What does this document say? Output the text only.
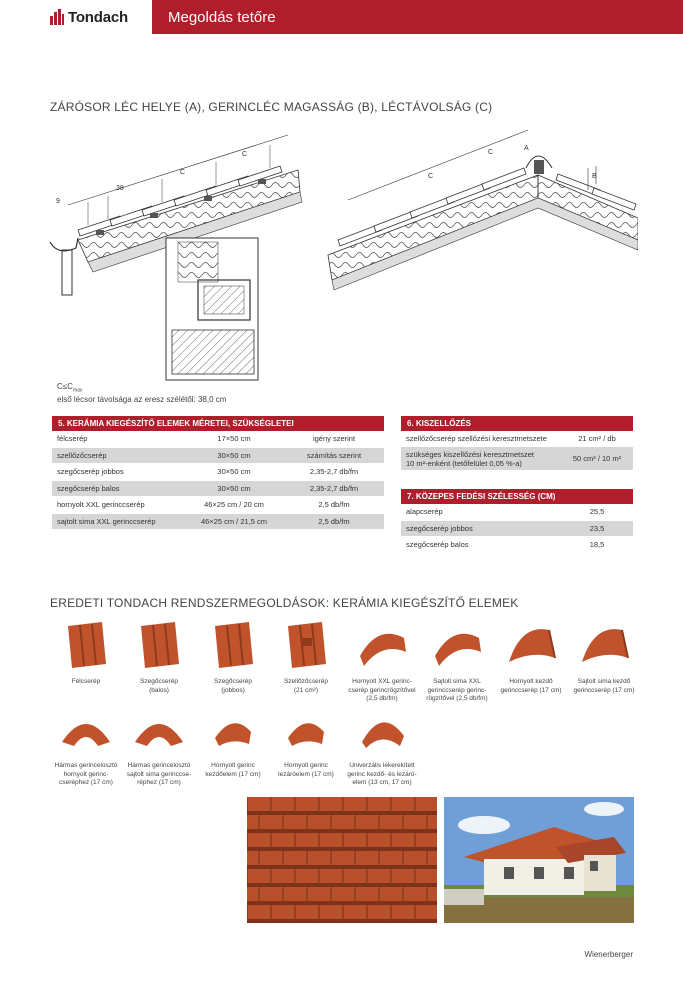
Tondach	Megoldás tetőre
ZÁRÓSOR LÉC HELYE (A), GERINCLÉC MAGASSÁG (B), LÉCTÁVOLSÁG (C)
9
38
C
C
C
C
A
B
$C\le C_{max}$
első lécsor távolsága az eresz szélétől: 38,0 cm
5. KERÁMIA KIEGÉSZÍTŐ ELEMEK MÉRETEI, SZÜKSÉGLETEI
félcserép	17×50 cm	igény szerint
szellőzőcserép	30×50 cm	számítás szerint
szegőcserép jobbos	30×50 cm	2,35-2,7 db/fm
szegőcserép balos	30×50 cm	2,35-2,7 db/fm
hornyolt XXL gerinccserép	46×25 cm / 20 cm	2,5 db/fm
sajtolt sima XXL gerinccserép	46×25 cm / 21,5 cm	2,5 db/fm
6. KISZELLŐZÉS
szellőzőcserép szellőzési keresztmetszete	21 cm² / db
szükséges kiszellőzési keresztmetszet
10 m²-enként (tetőfelület 0,05 %-a)	50 cm² / 10 m²
7. KÖZEPES FEDÉSI SZÉLESSÉG (CM)
alapcserép	25,5
szegőcserép jobbos	23,5
szegőcserép balos	18,5
EREDETI TONDACH RENDSZERMEGOLDÁSOK: KERÁMIA KIEGÉSZÍTŐ ELEMEK
Félcserép	Szegőcserép
(balos)
Szegőcserép
(jobbos)
Szellőzőcserép
(21 cm²)
Hornyolt XXL gerinc-
cserép gerincrögzítővel
(2,5 db/fm)
Sajtolt sima XXL
gerinccserép gerinc-
rögzítővel (2,5 db/fm)
Hornyolt kezdő
gerinccserép (17 cm)
Sajtolt sima kezdő
gerinccserép (17 cm)
Hármas gerincelosztó
hornyolt gerinc-
cseréphez (17 cm)
Hármas gerincelosztó
sajtolt sima gerinccse-
réphez (17 cm)
Hornyolt gerinc
kezdőelem (17 cm)
Hornyolt gerinc
lezáróelem (17 cm)
Univerzális lekerekített
gerinc kezdő- és lezáró-
elem (13 cm, 17 cm)
Wienerberger
